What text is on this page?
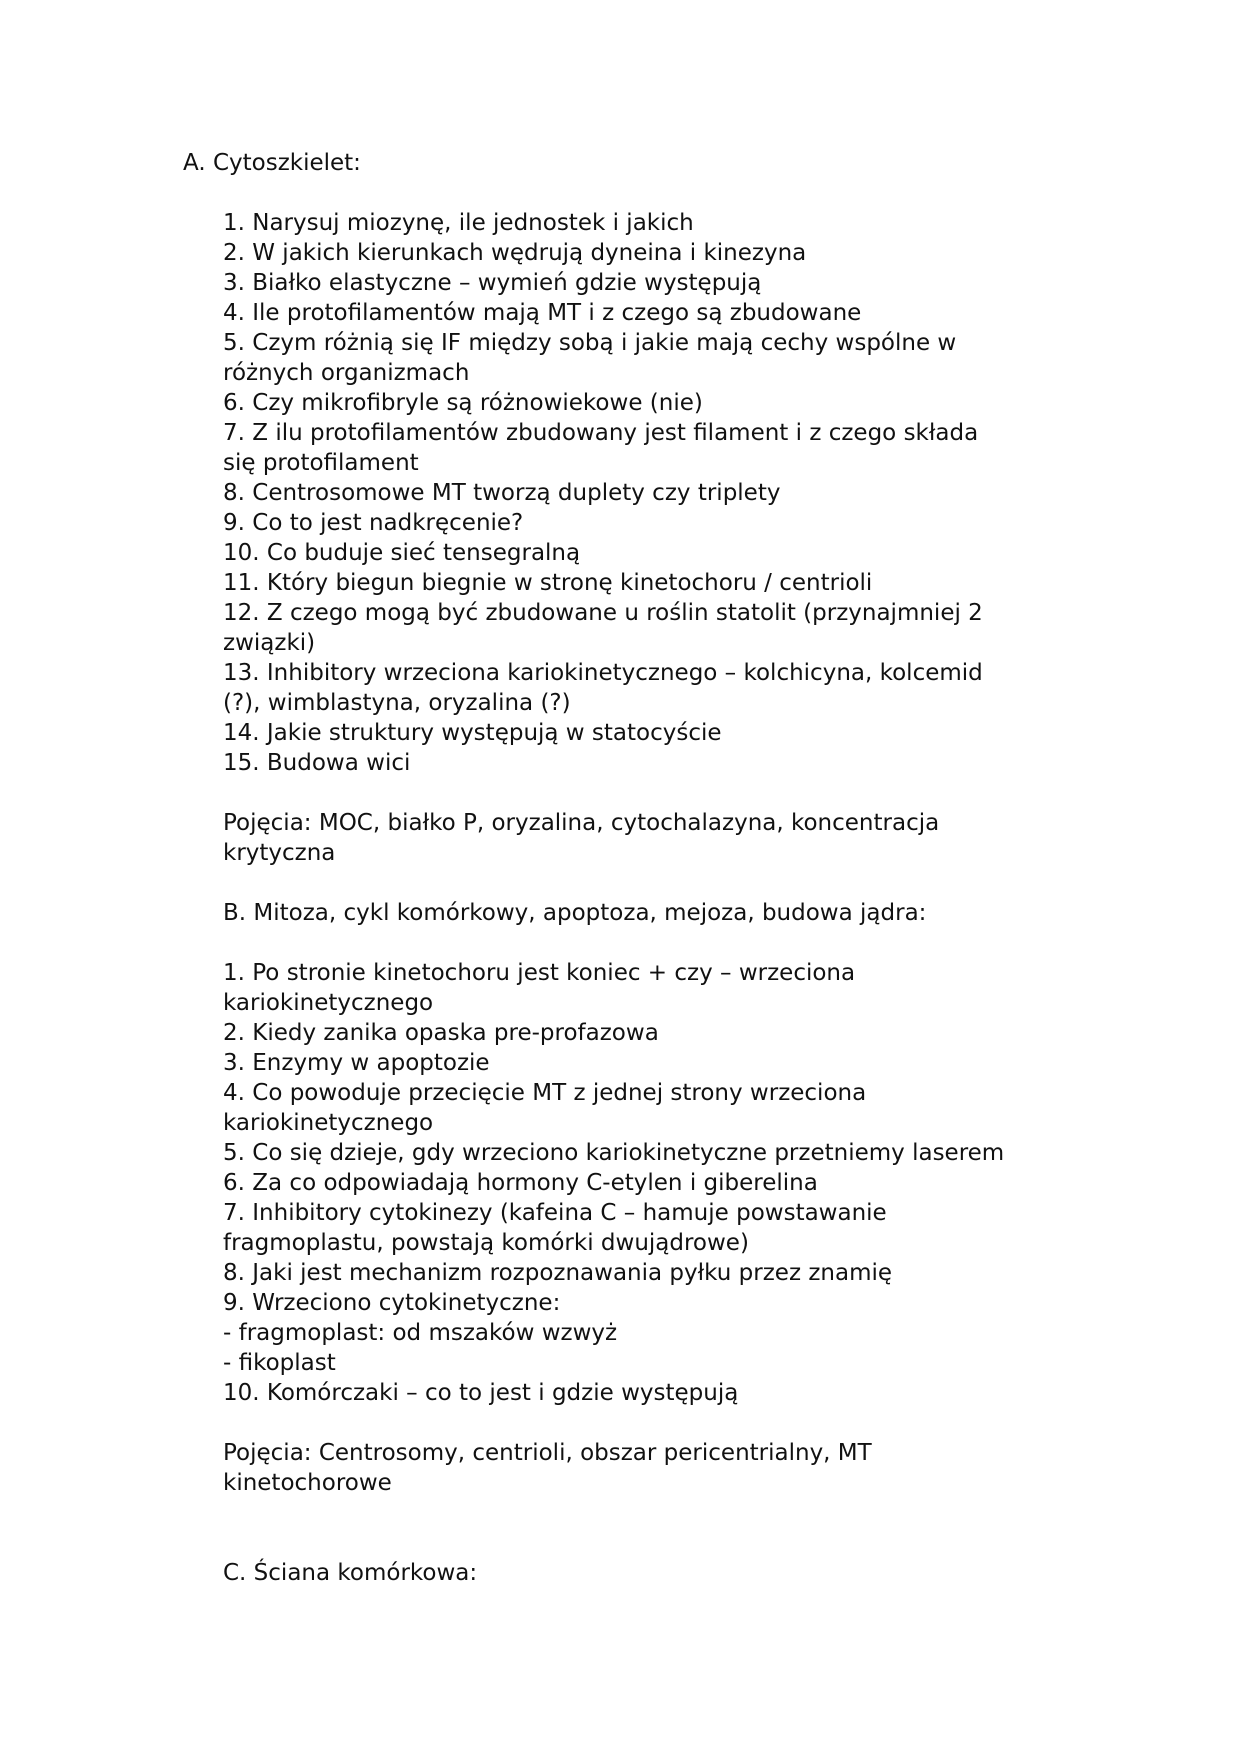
A. Cytoszkielet:

1. Narysuj miozynę, ile jednostek i jakich

2. W jakich kierunkach wędrują dyneina i kinezyna

3. Białko elastyczne – wymień gdzie występują

4. Ile protofilamentów mają MT i z czego są zbudowane

5. Czym różnią się IF między sobą i jakie mają cechy wspólne w

różnych organizmach

6. Czy mikrofibryle są różnowiekowe (nie)

7. Z ilu protofilamentów zbudowany jest filament i z czego składa

się protofilament

8. Centrosomowe MT tworzą duplety czy triplety

9. Co to jest nadkręcenie?

10. Co buduje sieć tensegralną

11. Który biegun biegnie w stronę kinetochoru / centrioli

12. Z czego mogą być zbudowane u roślin statolit (przynajmniej 2

związki)

13. Inhibitory wrzeciona kariokinetycznego – kolchicyna, kolcemid

(?), wimblastyna, oryzalina (?)

14. Jakie struktury występują w statocyście

15. Budowa wici

Pojęcia: MOC, białko P, oryzalina, cytochalazyna, koncentracja

krytyczna

B. Mitoza, cykl komórkowy, apoptoza, mejoza, budowa jądra:

1. Po stronie kinetochoru jest koniec + czy – wrzeciona

kariokinetycznego

2. Kiedy zanika opaska pre-profazowa

3. Enzymy w apoptozie

4. Co powoduje przecięcie MT z jednej strony wrzeciona

kariokinetycznego

5. Co się dzieje, gdy wrzeciono kariokinetyczne przetniemy laserem

6. Za co odpowiadają hormony C-etylen i giberelina

7. Inhibitory cytokinezy (kafeina C – hamuje powstawanie

fragmoplastu, powstają komórki dwujądrowe)

8. Jaki jest mechanizm rozpoznawania pyłku przez znamię

9. Wrzeciono cytokinetyczne:

- fragmoplast: od mszaków wzwyż

- fikoplast

10. Komórczaki – co to jest i gdzie występują

Pojęcia: Centrosomy, centrioli, obszar pericentrialny, MT

kinetochorowe

C. Ściana komórkowa:
